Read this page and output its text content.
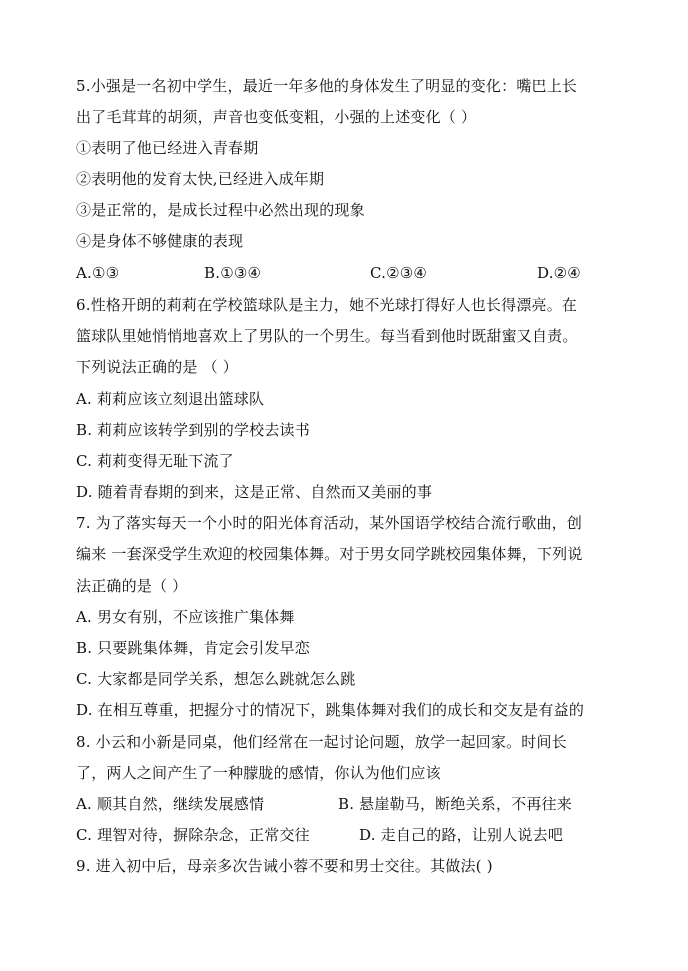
5.小强是一名初中学生，最近一年多他的身体发生了明显的变化：嘴巴上长
出了毛茸茸的胡须，声音也变低变粗，小强的上述变化（ ）
①表明了他已经进入青春期
②表明他的发育太快,已经进入成年期
③是正常的，是成长过程中必然出现的现象
④是身体不够健康的表现
A.①③	B.①③④	C.②③④	D.②④
6.性格开朗的莉莉在学校篮球队是主力，她不光球打得好人也长得漂亮。在
篮球队里她悄悄地喜欢上了男队的一个男生。每当看到他时既甜蜜又自责。
下列说法正确的是 （ ）
A. 莉莉应该立刻退出篮球队
B. 莉莉应该转学到别的学校去读书
C. 莉莉变得无耻下流了
D. 随着青春期的到来，这是正常、自然而又美丽的事
7. 为了落实每天一个小时的阳光体育活动，某外国语学校结合流行歌曲，创
编来 一套深受学生欢迎的校园集体舞。对于男女同学跳校园集体舞，下列说
法正确的是（ ）
A. 男女有别，不应该推广集体舞
B. 只要跳集体舞，肯定会引发早恋
C. 大家都是同学关系，想怎么跳就怎么跳
D. 在相互尊重，把握分寸的情况下，跳集体舞对我们的成长和交友是有益的
8. 小云和小新是同桌，他们经常在一起讨论问题，放学一起回家。时间长
了，两人之间产生了一种朦胧的感情，你认为他们应该
A. 顺其自然，继续发展感情	B. 悬崖勒马，断绝关系，不再往来
C. 理智对待，摒除杂念，正常交往	D. 走自己的路，让别人说去吧
9. 进入初中后，母亲多次告诫小蓉不要和男士交往。其做法( )
